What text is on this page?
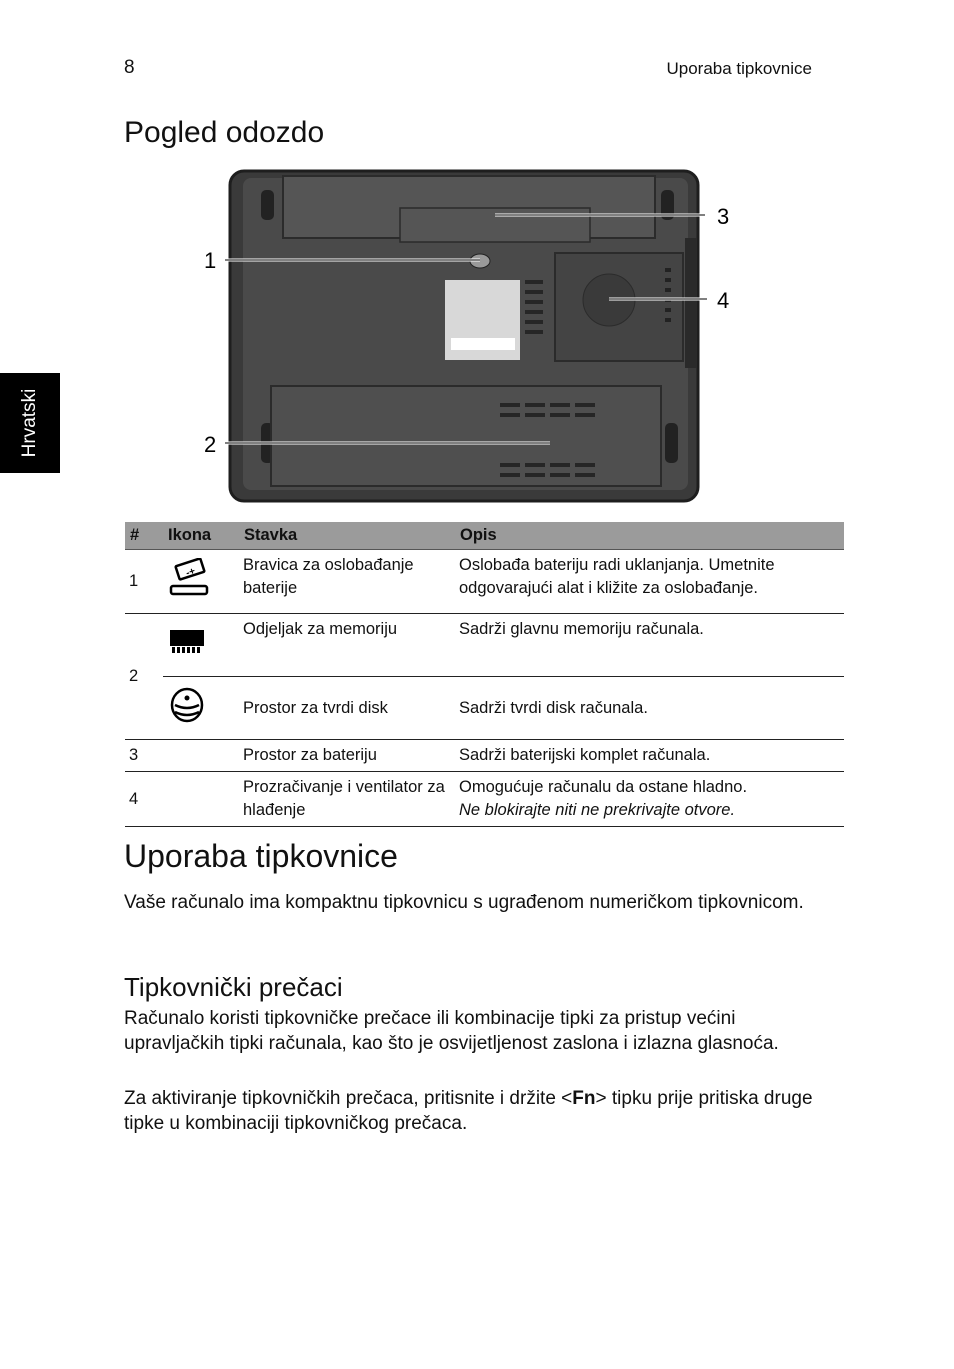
8	Uporaba tipkovnice
Hrvatski
Pogled odozdo
1
2
3
4
#	Ikona	Stavka	Opis
1	-+	Bravica za oslobađanje baterije	Oslobađa bateriju radi uklanjanja. Umetnite odgovarajući alat i kližite za oslobađanje.
2		Odjeljak za memoriju	Sadrži glavnu memoriju računala.
	Prostor za tvrdi disk	Sadrži tvrdi disk računala.
3		Prostor za bateriju	Sadrži baterijski komplet računala.
4		Prozračivanje i ventilator za hlađenje	Omogućuje računalu da ostane hladno.
Ne blokirajte niti ne prekrivajte otvore.
Uporaba tipkovnice

Vaše računalo ima kompaktnu tipkovnicu s ugrađenom numeričkom tipkovnicom.

Tipkovnički prečaci

Računalo koristi tipkovničke prečace ili kombinacije tipki za pristup većini upravljačkih tipki računala, kao što je osvijetljenost zaslona i izlazna glasnoća.

Za aktiviranje tipkovničkih prečaca, pritisnite i držite <Fn> tipku prije pritiska druge tipke u kombinaciji tipkovničkog prečaca.
